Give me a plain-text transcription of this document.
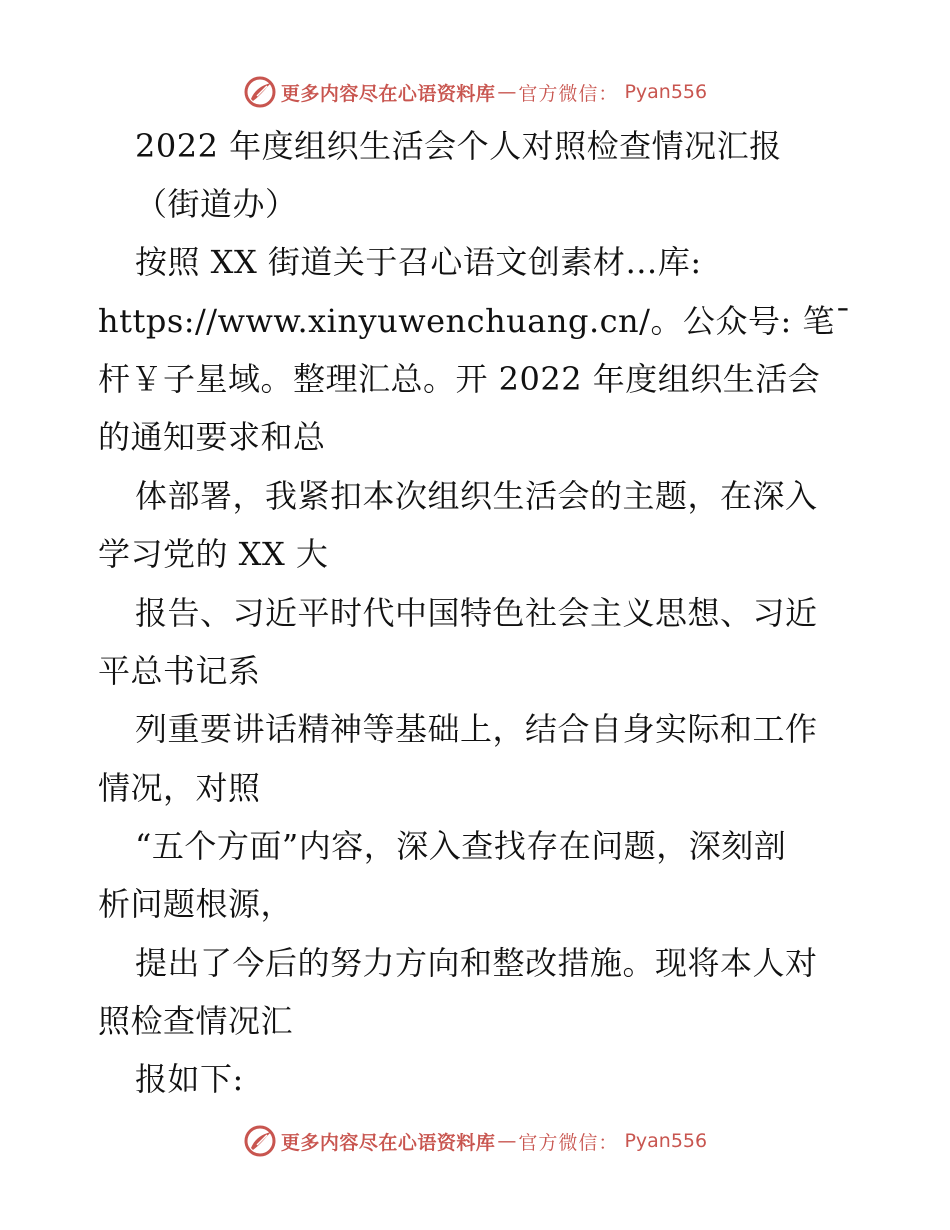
更多内容尽在心语资料库 — 官方微信： Pyan556
2022 年度组织生活会个人对照检查情况汇报
（街道办）
按照 XX 街道关于召心语文创素材…库:
https://www.xinyuwenchuang.cn/。公众号: 笔¯
杆￥子星域。整理汇总。开 2022 年度组织生活会
的通知要求和总
体部署，我紧扣本次组织生活会的主题，在深入
学习党的 XX 大
报告、习近平时代中国特色社会主义思想、习近
平总书记系
列重要讲话精神等基础上，结合自身实际和工作
情况，对照
“五个方面”内容，深入查找存在问题，深刻剖
析问题根源，
提出了今后的努力方向和整改措施。现将本人对
照检查情况汇
报如下:
更多内容尽在心语资料库 — 官方微信： Pyan556
